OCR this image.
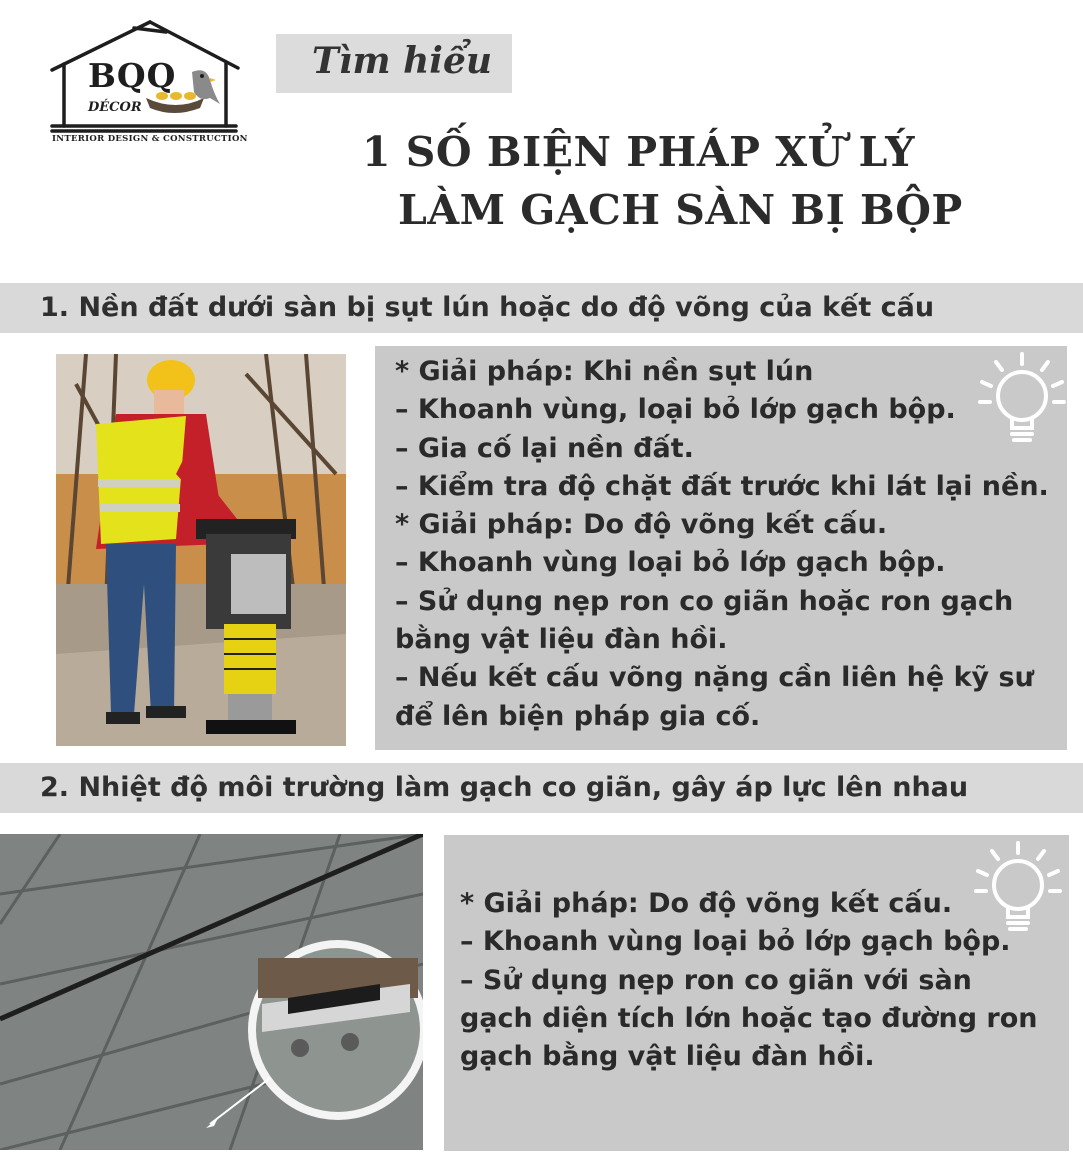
BQQ
DÉCOR
INTERIOR DESIGN & CONSTRUCTION
Tìm hiểu
1 SỐ BIỆN PHÁP XỬ LÝ
LÀM GẠCH SÀN BỊ BỘP
1. Nền đất dưới sàn bị sụt lún hoặc do độ võng của kết cấu
* Giải pháp: Khi nền sụt lún
– Khoanh vùng, loại bỏ lớp gạch bộp.
– Gia cố lại nền đất.
– Kiểm tra độ chặt đất trước khi lát lại nền.
* Giải pháp: Do độ võng kết cấu.
– Khoanh vùng loại bỏ lớp gạch bộp.
– Sử dụng nẹp ron co giãn hoặc ron gạch
bằng vật liệu đàn hồi.
– Nếu kết cấu võng nặng cần liên hệ kỹ sư
để lên biện pháp gia cố.
2. Nhiệt độ môi trường làm gạch co giãn, gây áp lực lên nhau
* Giải pháp: Do độ võng kết cấu.
– Khoanh vùng loại bỏ lớp gạch bộp.
– Sử dụng nẹp ron co giãn với sàn
gạch diện tích lớn hoặc tạo đường ron
gạch bằng vật liệu đàn hồi.
